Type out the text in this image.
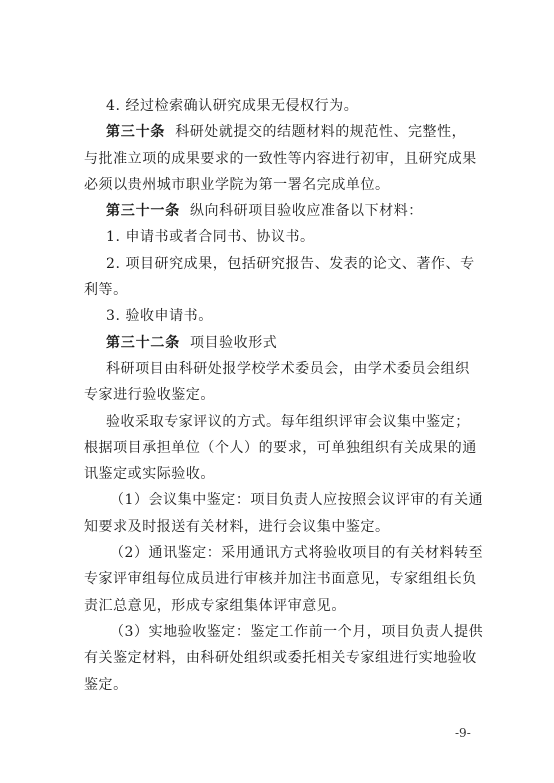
4. 经过检索确认研究成果无侵权行为。
第三十条 科研处就提交的结题材料的规范性、完整性，
与批准立项的成果要求的一致性等内容进行初审，且研究成果
必须以贵州城市职业学院为第一署名完成单位。
第三十一条 纵向科研项目验收应准备以下材料：
1. 申请书或者合同书、协议书。
2. 项目研究成果，包括研究报告、发表的论文、著作、专
利等。
3. 验收申请书。
第三十二条 项目验收形式
科研项目由科研处报学校学术委员会，由学术委员会组织
专家进行验收鉴定。
验收采取专家评议的方式。每年组织评审会议集中鉴定；
根据项目承担单位（个人）的要求，可单独组织有关成果的通
讯鉴定或实际验收。
（1）会议集中鉴定：项目负责人应按照会议评审的有关通
知要求及时报送有关材料，进行会议集中鉴定。
（2）通讯鉴定：采用通讯方式将验收项目的有关材料转至
专家评审组每位成员进行审核并加注书面意见，专家组组长负
责汇总意见，形成专家组集体评审意见。
（3）实地验收鉴定：鉴定工作前一个月，项目负责人提供
有关鉴定材料，由科研处组织或委托相关专家组进行实地验收
鉴定。
-9-
